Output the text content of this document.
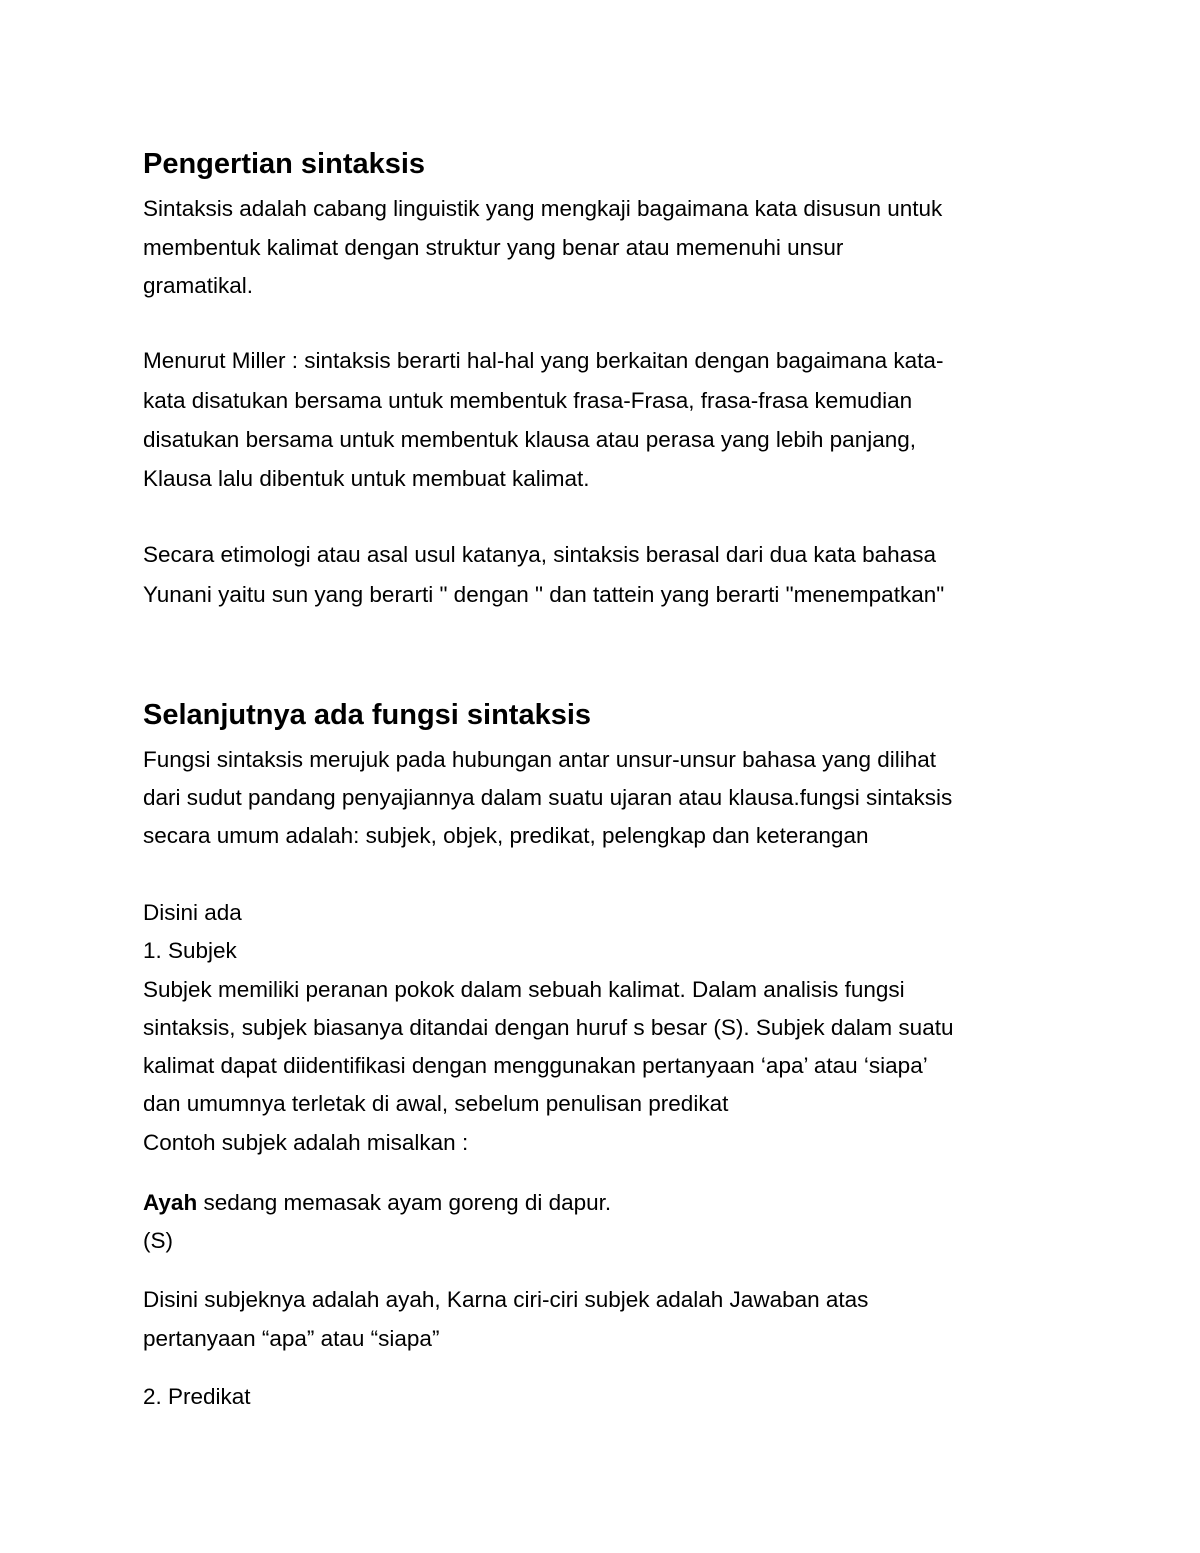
Pengertian sintaksis

Sintaksis adalah cabang linguistik yang mengkaji bagaimana kata disusun untuk

membentuk kalimat dengan struktur yang benar atau memenuhi unsur

gramatikal.

Menurut Miller : sintaksis berarti hal-hal yang berkaitan dengan bagaimana kata-

kata disatukan bersama untuk membentuk frasa-Frasa, frasa-frasa kemudian

disatukan bersama untuk membentuk klausa atau perasa yang lebih panjang,

Klausa lalu dibentuk untuk membuat kalimat.

Secara etimologi atau asal usul katanya, sintaksis berasal dari dua kata bahasa

Yunani yaitu sun yang berarti " dengan " dan tattein yang berarti "menempatkan"

Selanjutnya ada fungsi sintaksis

Fungsi sintaksis merujuk pada hubungan antar unsur-unsur bahasa yang dilihat

dari sudut pandang penyajiannya dalam suatu ujaran atau klausa.fungsi sintaksis

secara umum adalah: subjek, objek, predikat, pelengkap dan keterangan

Disini ada

1. Subjek

Subjek memiliki peranan pokok dalam sebuah kalimat. Dalam analisis fungsi

sintaksis, subjek biasanya ditandai dengan huruf s besar (S). Subjek dalam suatu

kalimat dapat diidentifikasi dengan menggunakan pertanyaan ‘apa’ atau ‘siapa’

dan umumnya terletak di awal, sebelum penulisan predikat

Contoh subjek adalah misalkan :

Ayah sedang memasak ayam goreng di dapur.

(S)

Disini subjeknya adalah ayah, Karna ciri-ciri subjek adalah Jawaban atas

pertanyaan “apa” atau “siapa”

2. Predikat
